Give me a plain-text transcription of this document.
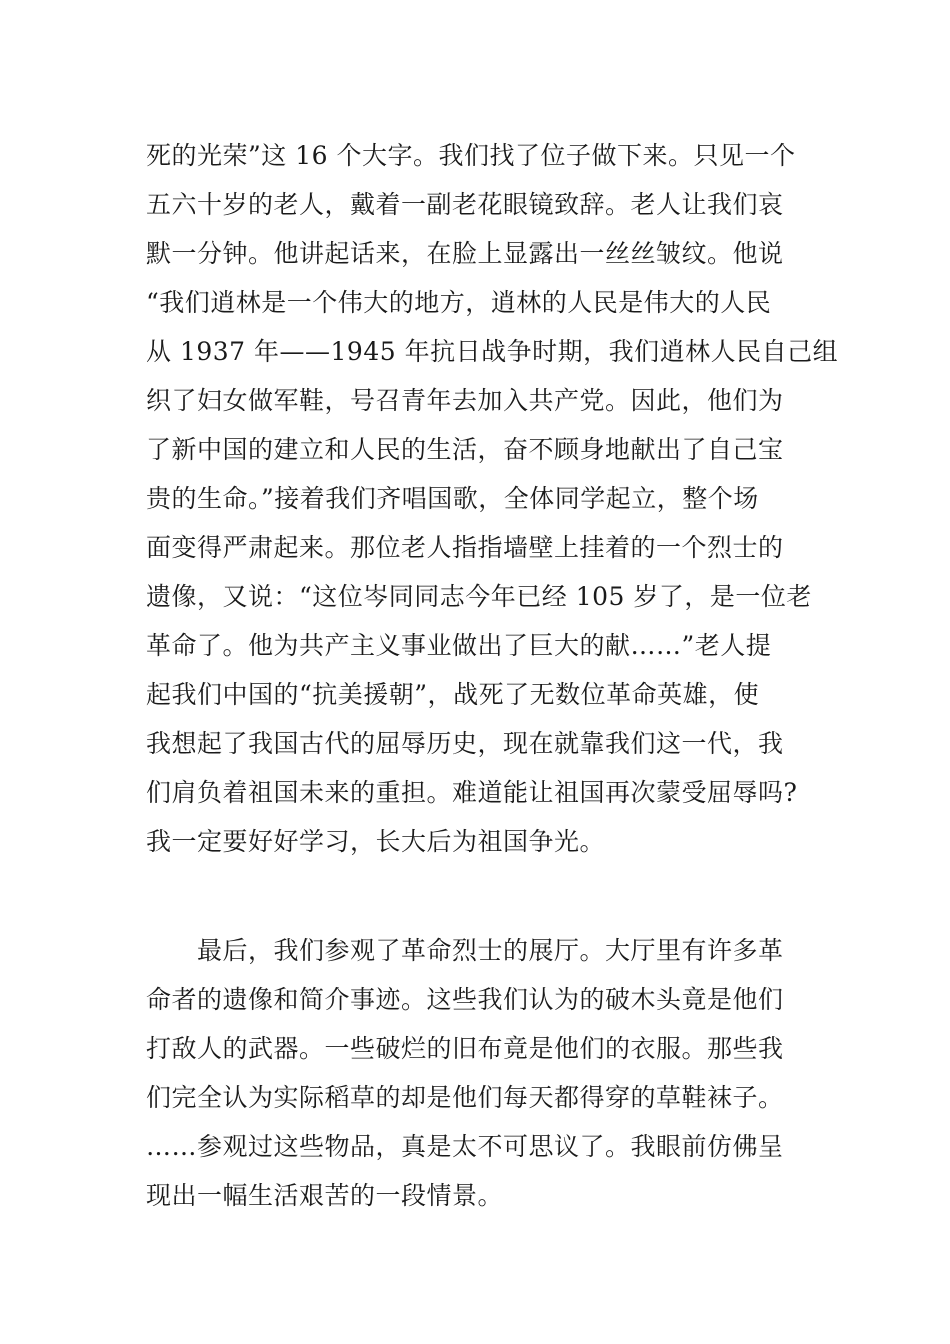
死的光荣”这 16 个大字。我们找了位子做下来。只见一个
五六十岁的老人，戴着一副老花眼镜致辞。老人让我们哀
默一分钟。他讲起话来，在脸上显露出一丝丝皱纹。他说
“我们逍林是一个伟大的地方，逍林的人民是伟大的人民
从 1937 年——1945 年抗日战争时期，我们逍林人民自己组
织了妇女做军鞋，号召青年去加入共产党。因此，他们为
了新中国的建立和人民的生活，奋不顾身地献出了自己宝
贵的生命。”接着我们齐唱国歌，全体同学起立，整个场
面变得严肃起来。那位老人指指墙壁上挂着的一个烈士的
遗像，又说：“这位岑同同志今年已经 105 岁了，是一位老
革命了。他为共产主义事业做出了巨大的献……”老人提
起我们中国的“抗美援朝”，战死了无数位革命英雄，使
我想起了我国古代的屈辱历史，现在就靠我们这一代，我
们肩负着祖国未来的重担。难道能让祖国再次蒙受屈辱吗?
我一定要好好学习，长大后为祖国争光。
　　最后，我们参观了革命烈士的展厅。大厅里有许多革
命者的遗像和简介事迹。这些我们认为的破木头竟是他们
打敌人的武器。一些破烂的旧布竟是他们的衣服。那些我
们完全认为实际稻草的却是他们每天都得穿的草鞋袜子。
……参观过这些物品，真是太不可思议了。我眼前仿佛呈
现出一幅生活艰苦的一段情景。
